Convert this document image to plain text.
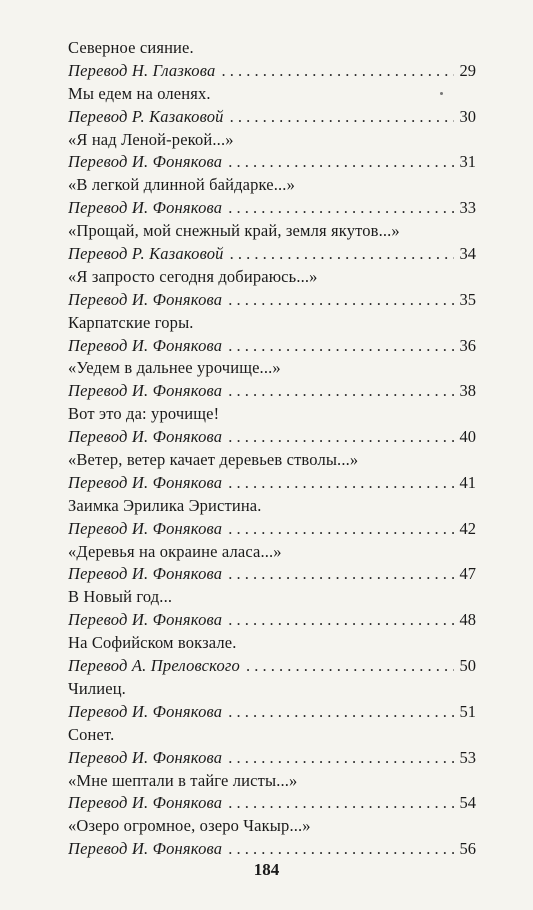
Северное сияние.
Перевод Н. Глазкова . . .	29
Мы едем на оленях.
Перевод Р. Казаковой . . .	30
«Я над Леной-рекой...»
Перевод И. Фонякова . . .	31
«В легкой длинной байдарке...»
Перевод И. Фонякова . . .	33
«Прощай, мой снежный край, земля якутов...»
Перевод Р. Казаковой . . .	34
«Я запросто сегодня добираюсь...»
Перевод И. Фонякова . . .	35
Карпатские горы.
Перевод И. Фонякова . . .	36
«Уедем в дальнее урочище...»
Перевод И. Фонякова . . .	38
Вот это да: урочище!
Перевод И. Фонякова . . .	40
«Ветер, ветер качает деревьев стволы...»
Перевод И. Фонякова . . .	41
Заимка Эрилика Эристина.
Перевод И. Фонякова . . .	42
«Деревья на окраине аласа...»
Перевод И. Фонякова . . .	47
В Новый год...
Перевод И. Фонякова . . .	48
На Софийском вокзале.
Перевод А. Преловского . . .	50
Чилиец.
Перевод И. Фонякова . . .	51
Сонет.
Перевод И. Фонякова . . .	53
«Мне шептали в тайге листы...»
Перевод И. Фонякова . . .	54
«Озеро огромное, озеро Чакыр...»
Перевод И. Фонякова . . .	56
184
